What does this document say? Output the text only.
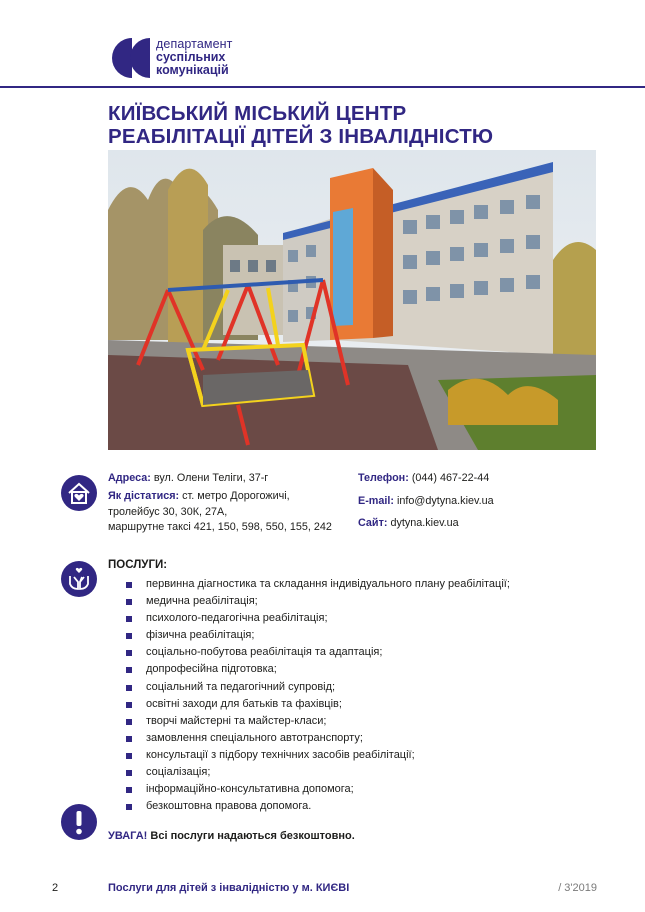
департамент
суспільних
комунікацій
КИЇВСЬКИЙ МІСЬКИЙ ЦЕНТР
РЕАБІЛІТАЦІЇ ДІТЕЙ З ІНВАЛІДНІСТЮ
Адреса: вул. Олени Теліги, 37-г
Як дістатися: ст. метро Дорогожичі,
тролейбус 30, 30К, 27А,
маршрутне таксі 421, 150, 598, 550, 155, 242
Телефон: (044) 467-22-44
E-mail: info@dytyna.kiev.ua
Сайт: dytyna.kiev.ua
ПОСЛУГИ:
первинна діагностика та складання індивідуального плану реабілітації;
медична реабілітація;
психолого-педагогічна реабілітація;
фізична реабілітація;
соціально-побутова реабілітація та адаптація;
допрофесійна підготовка;
соціальний та педагогічний супровід;
освітні заходи для батьків та фахівців;
творчі майстерні та майстер-класи;
замовлення спеціального автотранспорту;
консультації з підбору технічних засобів реабілітації;
соціалізація;
інформаційно-консультативна допомога;
безкоштовна правова допомога.
УВАГА! Всі послуги надаються безкоштовно.
2	Послуги для дітей з інвалідністю у м. КИЄВІ	/ 3'2019
